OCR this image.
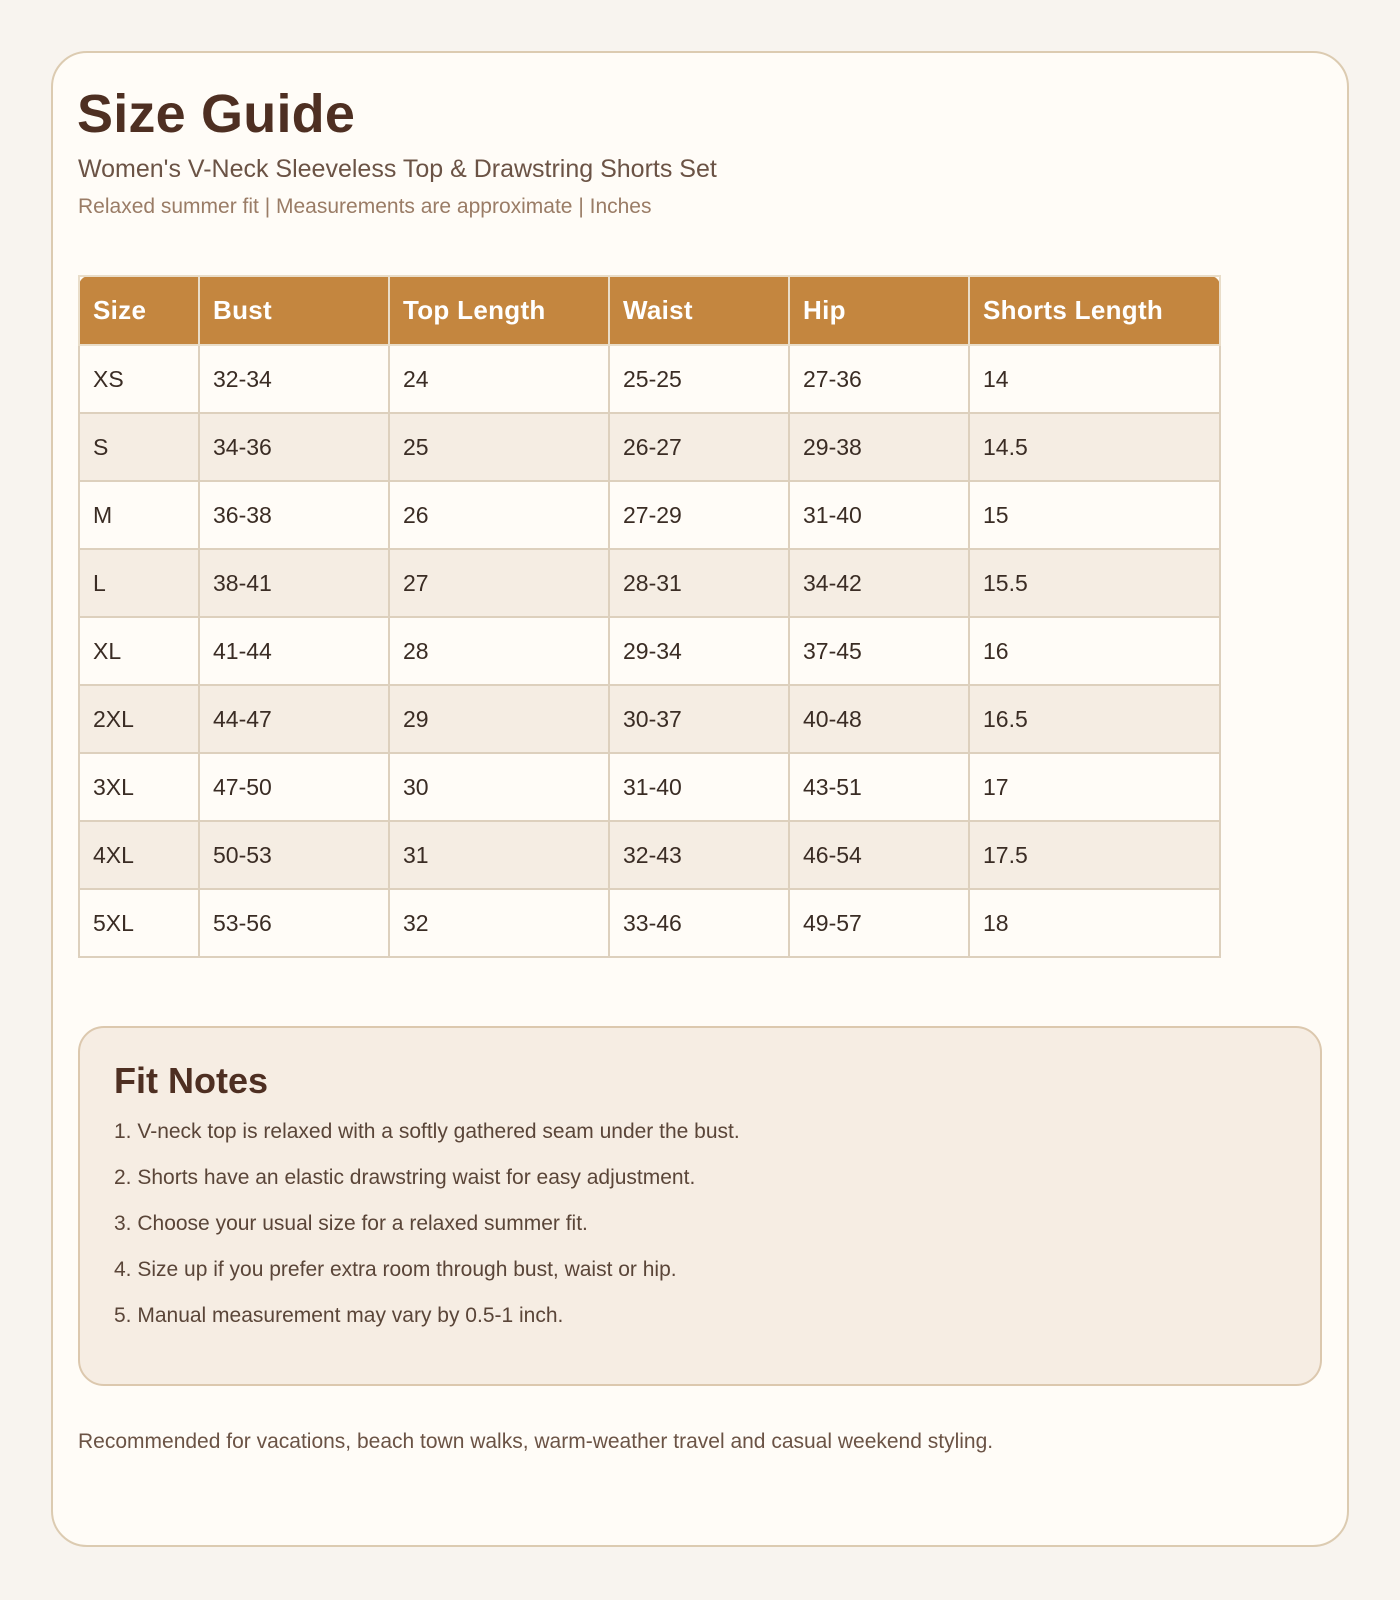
Size Guide

Women's V-Neck Sleeveless Top & Drawstring Shorts Set

Relaxed summer fit | Measurements are approximate | Inches

Size	Bust	Top Length	Waist	Hip	Shorts Length
XS	32-34	24	25-25	27-36	14
S	34-36	25	26-27	29-38	14.5
M	36-38	26	27-29	31-40	15
L	38-41	27	28-31	34-42	15.5
XL	41-44	28	29-34	37-45	16
2XL	44-47	29	30-37	40-48	16.5
3XL	47-50	30	31-40	43-51	17
4XL	50-53	31	32-43	46-54	17.5
5XL	53-56	32	33-46	49-57	18
Fit Notes
1. V-neck top is relaxed with a softly gathered seam under the bust.
2. Shorts have an elastic drawstring waist for easy adjustment.
3. Choose your usual size for a relaxed summer fit.
4. Size up if you prefer extra room through bust, waist or hip.
5. Manual measurement may vary by 0.5-1 inch.

Recommended for vacations, beach town walks, warm-weather travel and casual weekend styling.
